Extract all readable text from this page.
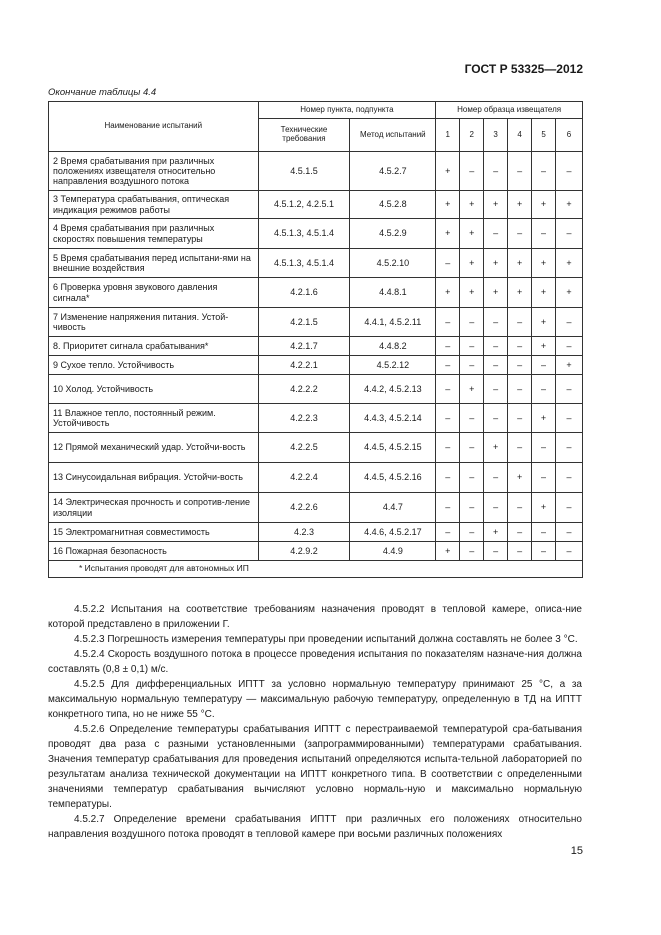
ГОСТ Р 53325—2012
Окончание таблицы 4.4
Наименование испытаний	Номер пункта, подпункта		Номер образца извещателя					
	Технические требования	Метод испытаний	1	2	3	4	5	6
2 Время срабатывания при различных положениях извещателя относительно направления воздушного потока	4.5.1.5	4.5.2.7	+	–	–	–	–	–
3 Температура срабатывания, оптическая индикация режимов работы	4.5.1.2, 4.2.5.1	4.5.2.8	+	+	+	+	+	+
4 Время срабатывания при различных скоростях повышения температуры	4.5.1.3, 4.5.1.4	4.5.2.9	+	+	–	–	–	–
5 Время срабатывания перед испытани-ями на внешние воздействия	4.5.1.3, 4.5.1.4	4.5.2.10	–	+	+	+	+	+
6 Проверка уровня звукового давления сигнала*	4.2.1.6	4.4.8.1	+	+	+	+	+	+
7 Изменение напряжения питания. Устой-чивость	4.2.1.5	4.4.1, 4.5.2.11	–	–	–	–	+	–
8. Приоритет сигнала срабатывания*	4.2.1.7	4.4.8.2	–	–	–	–	+	–
9 Сухое тепло. Устойчивость	4.2.2.1	4.5.2.12	–	–	–	–	–	+
10 Холод. Устойчивость	4.2.2.2	4.4.2, 4.5.2.13	–	+	–	–	–	–
11 Влажное тепло, постоянный режим. Устойчивость	4.2.2.3	4.4.3, 4.5.2.14	–	–	–	–	+	–
12 Прямой механический удар. Устойчи-вость	4.2.2.5	4.4.5, 4.5.2.15	–	–	+	–	–	–
13 Синусоидальная вибрация. Устойчи-вость	4.2.2.4	4.4.5, 4.5.2.16	–	–	–	+	–	–
14 Электрическая прочность и сопротив-ление изоляции	4.2.2.6	4.4.7	–	–	–	–	+	–
15 Электромагнитная совместимость	4.2.3	4.4.6, 4.5.2.17	–	–	+	–	–	–
16 Пожарная безопасность	4.2.9.2	4.4.9	+	–	–	–	–	–
* Испытания проводят для автономных ИП								

4.5.2.2 Испытания на соответствие требованиям назначения проводят в тепловой камере, описа-ние которой представлено в приложении Г.

4.5.2.3 Погрешность измерения температуры при проведении испытаний должна составлять не более 3 °C.

4.5.2.4 Скорость воздушного потока в процессе проведения испытания по показателям назначе-ния должна составлять (0,8 ± 0,1) м/с.

4.5.2.5 Для дифференциальных ИПТТ за условно нормальную температуру принимают 25 °C, а за максимальную нормальную температуру — максимальную рабочую температуру, определенную в ТД на ИПТТ конкретного типа, но не ниже 55 °C.

4.5.2.6 Определение температуры срабатывания ИПТТ с перестраиваемой температурой сра-батывания проводят два раза с разными установленными (запрограммированными) температурами срабатывания. Значения температур срабатывания для проведения испытаний определяются испыта-тельной лабораторией по результатам анализа технической документации на ИПТТ конкретного типа. В соответствии с определенными значениями температур срабатывания вычисляют условно нормаль-ную и максимально нормальную температуры.

4.5.2.7 Определение времени срабатывания ИПТТ при различных его положениях относительно направления воздушного потока проводят в тепловой камере при восьми различных положениях

15
